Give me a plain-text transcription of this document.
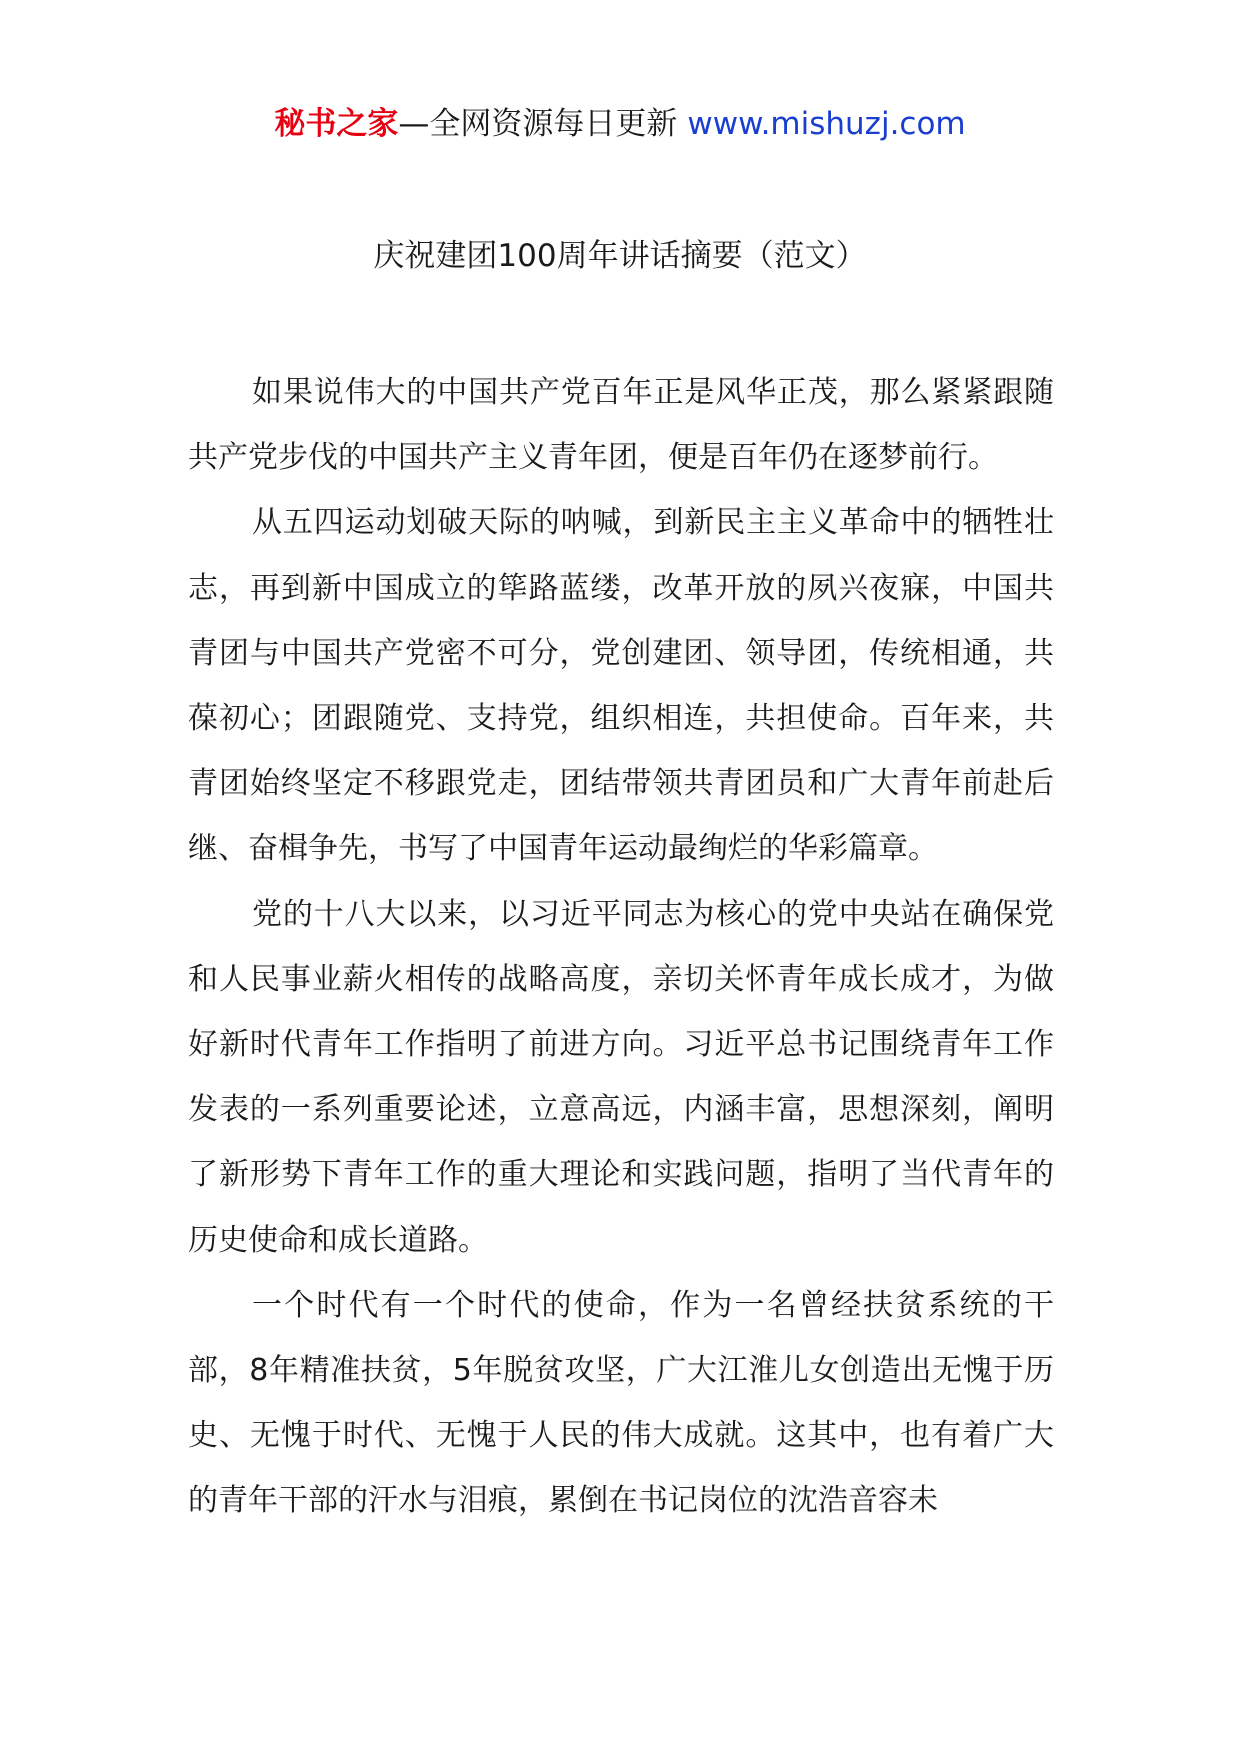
秘书之家—全网资源每日更新 www.mishuzj.com
庆祝建团100周年讲话摘要（范文）

如果说伟大的中国共产党百年正是风华正茂，那么紧紧跟随共产党步伐的中国共产主义青年团，便是百年仍在逐梦前行。

从五四运动划破天际的呐喊，到新民主主义革命中的牺牲壮志，再到新中国成立的筚路蓝缕，改革开放的夙兴夜寐，中国共青团与中国共产党密不可分，党创建团、领导团，传统相通，共葆初心；团跟随党、支持党，组织相连，共担使命。百年来，共青团始终坚定不移跟党走，团结带领共青团员和广大青年前赴后继、奋楫争先，书写了中国青年运动最绚烂的华彩篇章。

党的十八大以来，以习近平同志为核心的党中央站在确保党和人民事业薪火相传的战略高度，亲切关怀青年成长成才，为做好新时代青年工作指明了前进方向。习近平总书记围绕青年工作发表的一系列重要论述，立意高远，内涵丰富，思想深刻，阐明了新形势下青年工作的重大理论和实践问题，指明了当代青年的历史使命和成长道路。

一个时代有一个时代的使命，作为一名曾经扶贫系统的干部，8年精准扶贫，5年脱贫攻坚，广大江淮儿女创造出无愧于历史、无愧于时代、无愧于人民的伟大成就。这其中，也有着广大的青年干部的汗水与泪痕，累倒在书记岗位的沈浩音容未
